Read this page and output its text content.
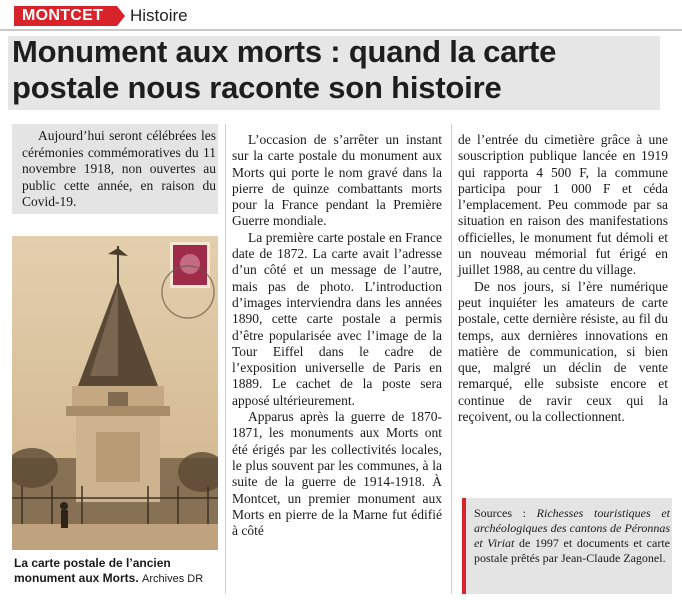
MONTCET	Histoire
Monument aux morts : quand la carte postale nous raconte son histoire

Aujourd’hui seront célébrées les cérémonies commémoratives du 11 novembre 1918, non ouvertes au public cette année, en raison du Covid-19.

La carte postale de l’ancien monument aux Morts. Archives DR

L’occasion de s’arrêter un instant sur la carte postale du monument aux Morts qui porte le nom gravé dans la pierre de quinze combattants morts pour la France pendant la Première Guerre mondiale.

La première carte postale en France date de 1872. La carte avait l’adresse d’un côté et un message de l’autre, mais pas de photo. L’introduction d’images interviendra dans les années 1890, cette carte postale a permis d’être popularisée avec l’image de la Tour Eiffel dans le cadre de l’exposition universelle de Paris en 1889. Le cachet de la poste sera apposé ultérieurement.

Apparus après la guerre de 1870-1871, les monuments aux Morts ont été érigés par les collectivités locales, le plus souvent par les communes, à la suite de la guerre de 1914-1918. À Montcet, un premier monument aux Morts en pierre de la Marne fut édifié à côté

de l’entrée du cimetière grâce à une souscription publique lancée en 1919 qui rapporta 4 500 F, la commune participa pour 1 000 F et céda l’emplacement. Peu commode par sa situation en raison des manifestations officielles, le monument fut démoli et un nouveau mémorial fut érigé en juillet 1988, au centre du village.

De nos jours, si l’ère numérique peut inquiéter les amateurs de carte postale, cette dernière résiste, au fil du temps, aux dernières innovations en matière de communication, si bien que, malgré un déclin de vente remarqué, elle subsiste encore et continue de ravir ceux qui la reçoivent, ou la collectionnent.

Sources : Richesses touristiques et archéologiques des cantons de Péronnas et Viriat de 1997 et documents et carte postale prêtés par Jean-Claude Zagonel.
